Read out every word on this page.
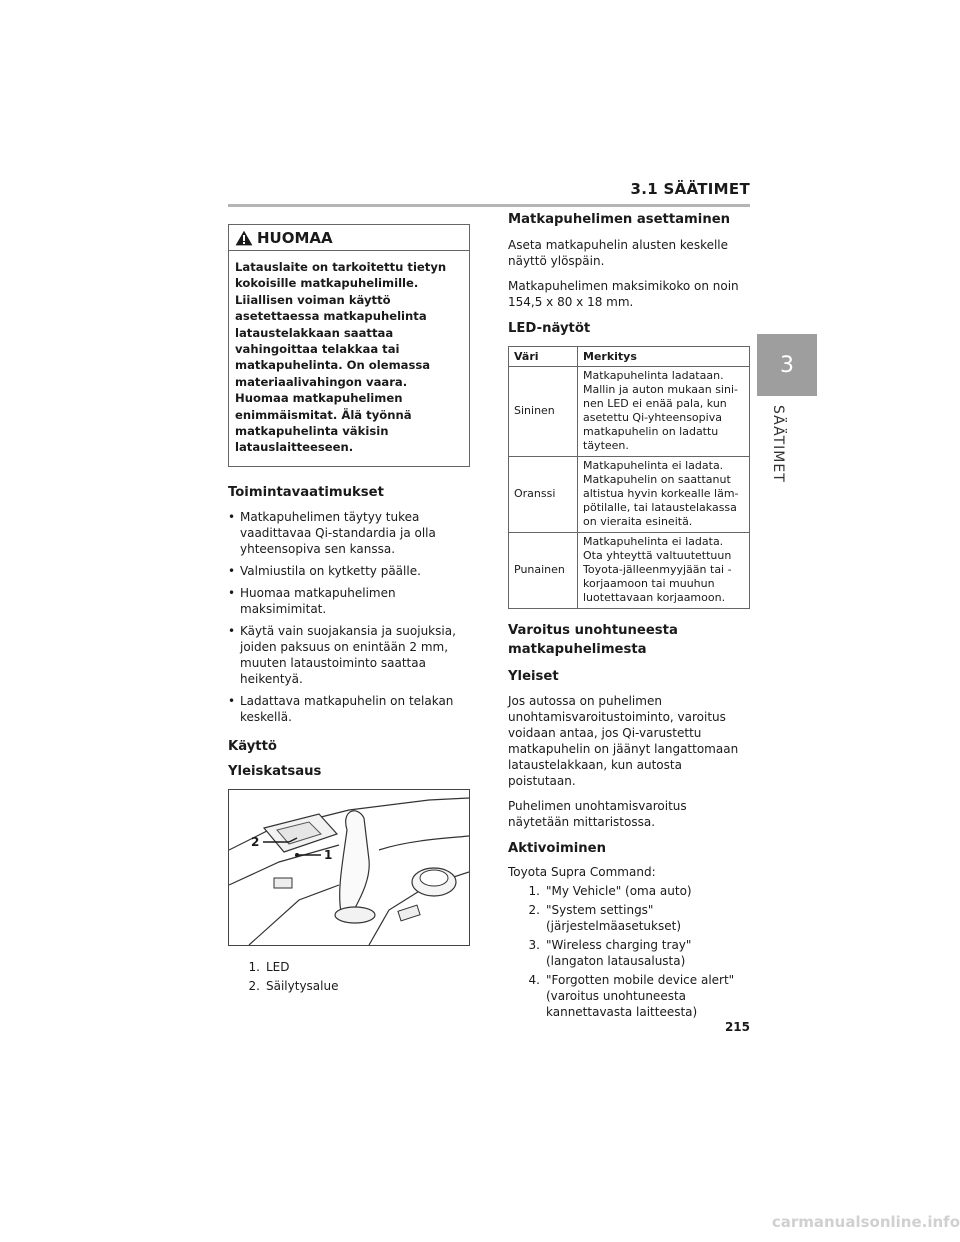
3.1 SÄÄTIMET
3
SÄÄTIMET
HUOMAA
Latauslaite on tarkoitettu tietyn kokoisille matkapuhelimille. Liiallisen voiman käyttö asetettaessa matkapuhelinta lataustelakkaan saattaa vahingoittaa telakkaa tai matkapuhelinta. On olemassa materiaalivahingon vaara. Huomaa matkapuhelimen enimmäismitat. Älä työnnä matkapuhelinta väkisin latauslaitteeseen.
Toimintavaatimukset
• Matkapuhelimen täytyy tukea vaadittavaa Qi-standardia ja olla yhteensopiva sen kanssa.
• Valmiustila on kytketty päälle.
• Huomaa matkapuhelimen maksimimitat.
• Käytä vain suojakansia ja suojuksia, joiden paksuus on enintään 2 mm, muuten lataustoiminto saattaa heikentyä.
• Ladattava matkapuhelin on telakan keskellä.
Käyttö
Yleiskatsaus
2
1
1. LED
2. Säilytysalue
Matkapuhelimen asettaminen

Aseta matkapuhelin alusten keskelle näyttö ylöspäin.

Matkapuhelimen maksimikoko on noin 154,5 x 80 x 18 mm.

LED-näytöt
Väri	Merkitys
Sininen	Matkapuhelinta ladataan. Mallin ja auton mukaan sini-nen LED ei enää pala, kun asetettu Qi-yhteensopiva matkapuhelin on ladattu täyteen.
Oranssi	Matkapuhelinta ei ladata. Matkapuhelin on saattanut altistua hyvin korkealle läm-pötilalle, tai lataustelakassa on vieraita esineitä.
Punainen	Matkapuhelinta ei ladata. Ota yhteyttä valtuutettuun Toyota-jälleenmyyjään tai -korjaamoon tai muuhun luotettavaan korjaamoon.
Varoitus unohtuneesta matkapuhelimesta
Yleiset

Jos autossa on puhelimen unohtamisvaroitustoiminto, varoitus voidaan antaa, jos Qi-varustettu matkapuhelin on jäänyt langattomaan lataustelakkaan, kun autosta poistutaan.

Puhelimen unohtamisvaroitus näytetään mittaristossa.

Aktivoiminen

Toyota Supra Command:

1. "My Vehicle" (oma auto)
2. "System settings" (järjestelmäasetukset)
3. "Wireless charging tray" (langaton latausalusta)
4. "Forgotten mobile device alert" (varoitus unohtuneesta kannettavasta laitteesta)
215
carmanualsonline.info
